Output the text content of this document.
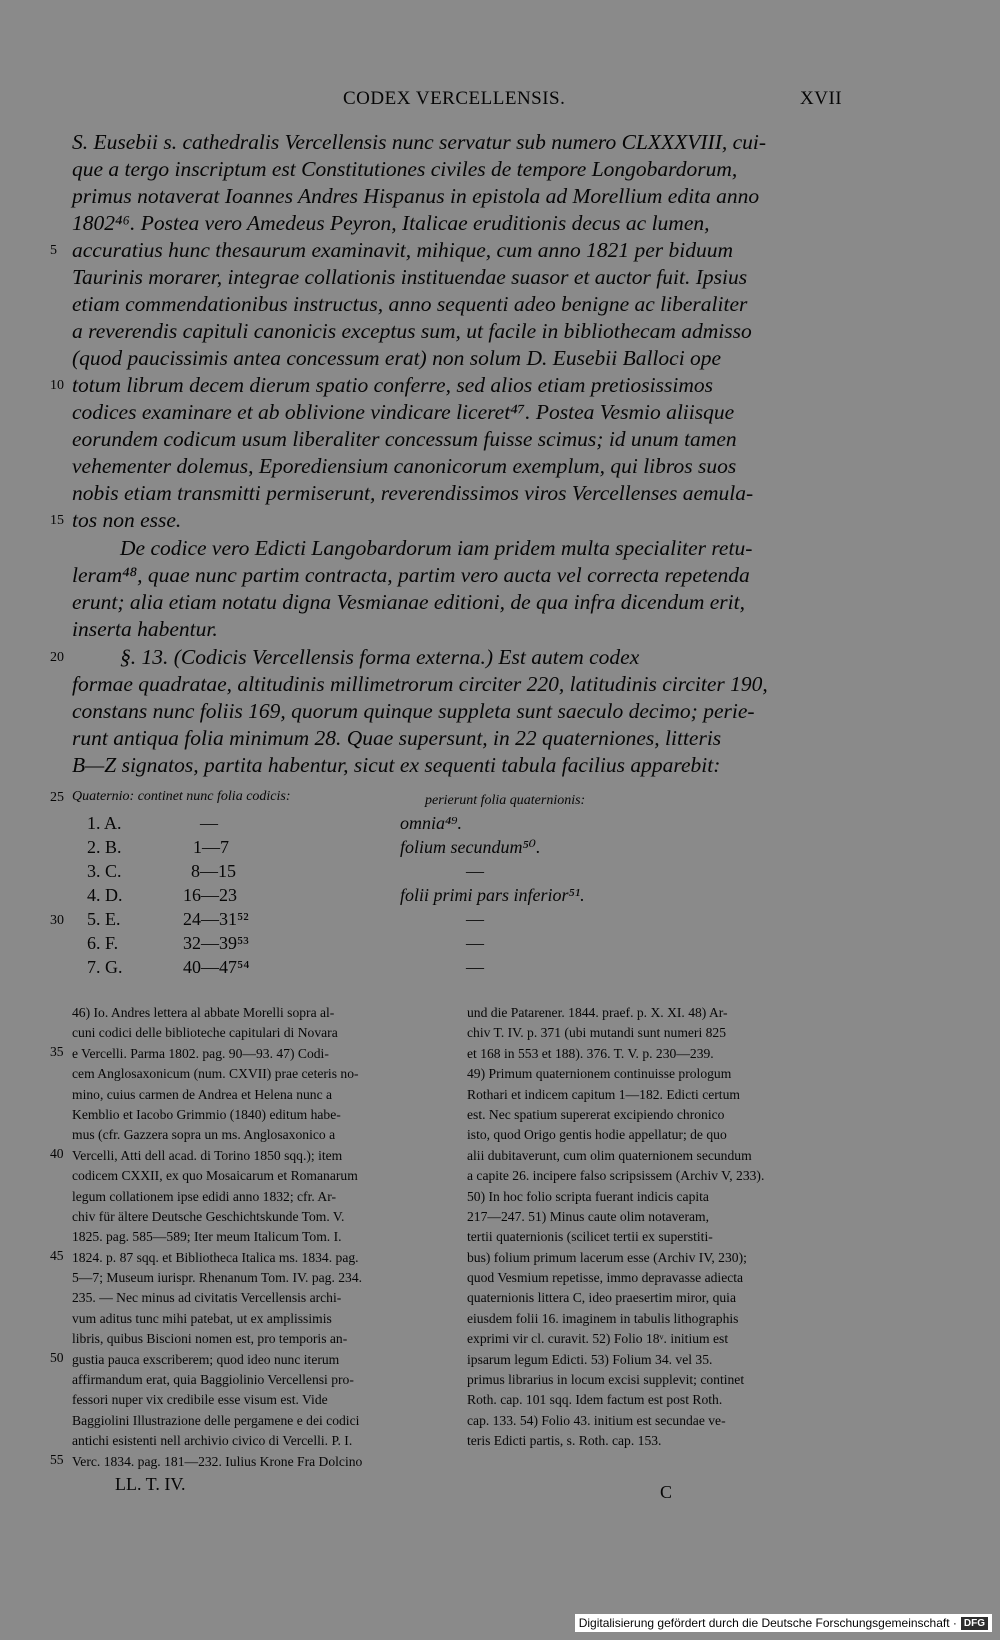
CODEX VERCELLENSIS.	XVII
S. Eusebii s. cathedralis Vercellensis nunc servatur sub numero CLXXXVIII, cui-
que a tergo inscriptum est Constitutiones civiles de tempore Longobardorum,
primus notaverat Ioannes Andres Hispanus in epistola ad Morellium edita anno
1802⁴⁶. Postea vero Amedeus Peyron, Italicae eruditionis decus ac lumen,
accuratius hunc thesaurum examinavit, mihique, cum anno 1821 per biduum
Taurinis morarer, integrae collationis instituendae suasor et auctor fuit. Ipsius
etiam commendationibus instructus, anno sequenti adeo benigne ac liberaliter
a reverendis capituli canonicis exceptus sum, ut facile in bibliothecam admisso
(quod paucissimis antea concessum erat) non solum D. Eusebii Balloci ope
totum librum decem dierum spatio conferre, sed alios etiam pretiosissimos
codices examinare et ab oblivione vindicare liceret⁴⁷. Postea Vesmio aliisque
eorundem codicum usum liberaliter concessum fuisse scimus; id unum tamen
vehementer dolemus, Eporediensium canonicorum exemplum, qui libros suos
nobis etiam transmitti permiserunt, reverendissimos viros Vercellenses aemula-
tos non esse.
De codice vero Edicti Langobardorum iam pridem multa specialiter retu-
leram⁴⁸, quae nunc partim contracta, partim vero aucta vel correcta repetenda
erunt; alia etiam notatu digna Vesmianae editioni, de qua infra dicendum erit,
inserta habentur.
§. 13. (Codicis Vercellensis forma externa.) Est autem codex
formae quadratae, altitudinis millimetrorum circiter 220, latitudinis circiter 190,
constans nunc foliis 169, quorum quinque suppleta sunt saeculo decimo; perie-
runt antiqua folia minimum 28. Quae supersunt, in 22 quaterniones, litteris
B—Z signatos, partita habentur, sicut ex sequenti tabula facilius apparebit:
5
10
15
20
25 Quaternio: continet nunc folia codicis:	perierunt folia quaternionis:
1. A.	—	omnia⁴⁹.
2. B.	1—7	folium secundum⁵⁰.
3. C.	8—15	—
4. D.	16—23	folii primi pars inferior⁵¹.
30 5. E.	24—31⁵²	—
6. F.	32—39⁵³	—
7. G.	40—47⁵⁴	—
46) Io. Andres lettera al abbate Morelli sopra al-
cuni codici delle biblioteche capitulari di Novara
e Vercelli. Parma 1802. pag. 90—93. 47) Codi-
cem Anglosaxonicum (num. CXVII) prae ceteris no-
mino, cuius carmen de Andrea et Helena nunc a
Kemblio et Iacobo Grimmio (1840) editum habe-
mus (cfr. Gazzera sopra un ms. Anglosaxonico a
Vercelli, Atti dell acad. di Torino 1850 sqq.); item
codicem CXXII, ex quo Mosaicarum et Romanarum
legum collationem ipse edidi anno 1832; cfr. Ar-
chiv für ältere Deutsche Geschichtskunde Tom. V.
1825. pag. 585—589; Iter meum Italicum Tom. I.
1824. p. 87 sqq. et Bibliotheca Italica ms. 1834. pag.
5—7; Museum iurispr. Rhenanum Tom. IV. pag. 234.
235. — Nec minus ad civitatis Vercellensis archi-
vum aditus tunc mihi patebat, ut ex amplissimis
libris, quibus Biscioni nomen est, pro temporis an-
gustia pauca exscriberem; quod ideo nunc iterum
affirmandum erat, quia Baggiolinio Vercellensi pro-
fessori nuper vix credibile esse visum est. Vide
Baggiolini Illustrazione delle pergamene e dei codici
antichi esistenti nell archivio civico di Vercelli. P. I.
Verc. 1834. pag. 181—232. Iulius Krone Fra Dolcino
und die Patarener. 1844. praef. p. X. XI. 48) Ar-
chiv T. IV. p. 371 (ubi mutandi sunt numeri 825
et 168 in 553 et 188). 376. T. V. p. 230—239.
49) Primum quaternionem continuisse prologum
Rothari et indicem capitum 1—182. Edicti certum
est. Nec spatium supererat excipiendo chronico
isto, quod Origo gentis hodie appellatur; de quo
alii dubitaverunt, cum olim quaternionem secundum
a capite 26. incipere falso scripsissem (Archiv V, 233).
50) In hoc folio scripta fuerant indicis capita
217—247. 51) Minus caute olim notaveram,
tertii quaternionis (scilicet tertii ex superstiti-
bus) folium primum lacerum esse (Archiv IV, 230);
quod Vesmium repetisse, immo depravasse adiecta
quaternionis littera C, ideo praesertim miror, quia
eiusdem folii 16. imaginem in tabulis lithographis
exprimi vir cl. curavit. 52) Folio 18ᵛ. initium est
ipsarum legum Edicti. 53) Folium 34. vel 35.
primus librarius in locum excisi supplevit; continet
Roth. cap. 101 sqq. Idem factum est post Roth.
cap. 133. 54) Folio 43. initium est secundae ve-
teris Edicti partis, s. Roth. cap. 153.
35
40
45
50
55
LL. T. IV.	C
Digitalisierung gefördert durch die Deutsche Forschungsgemeinschaft · DFG
